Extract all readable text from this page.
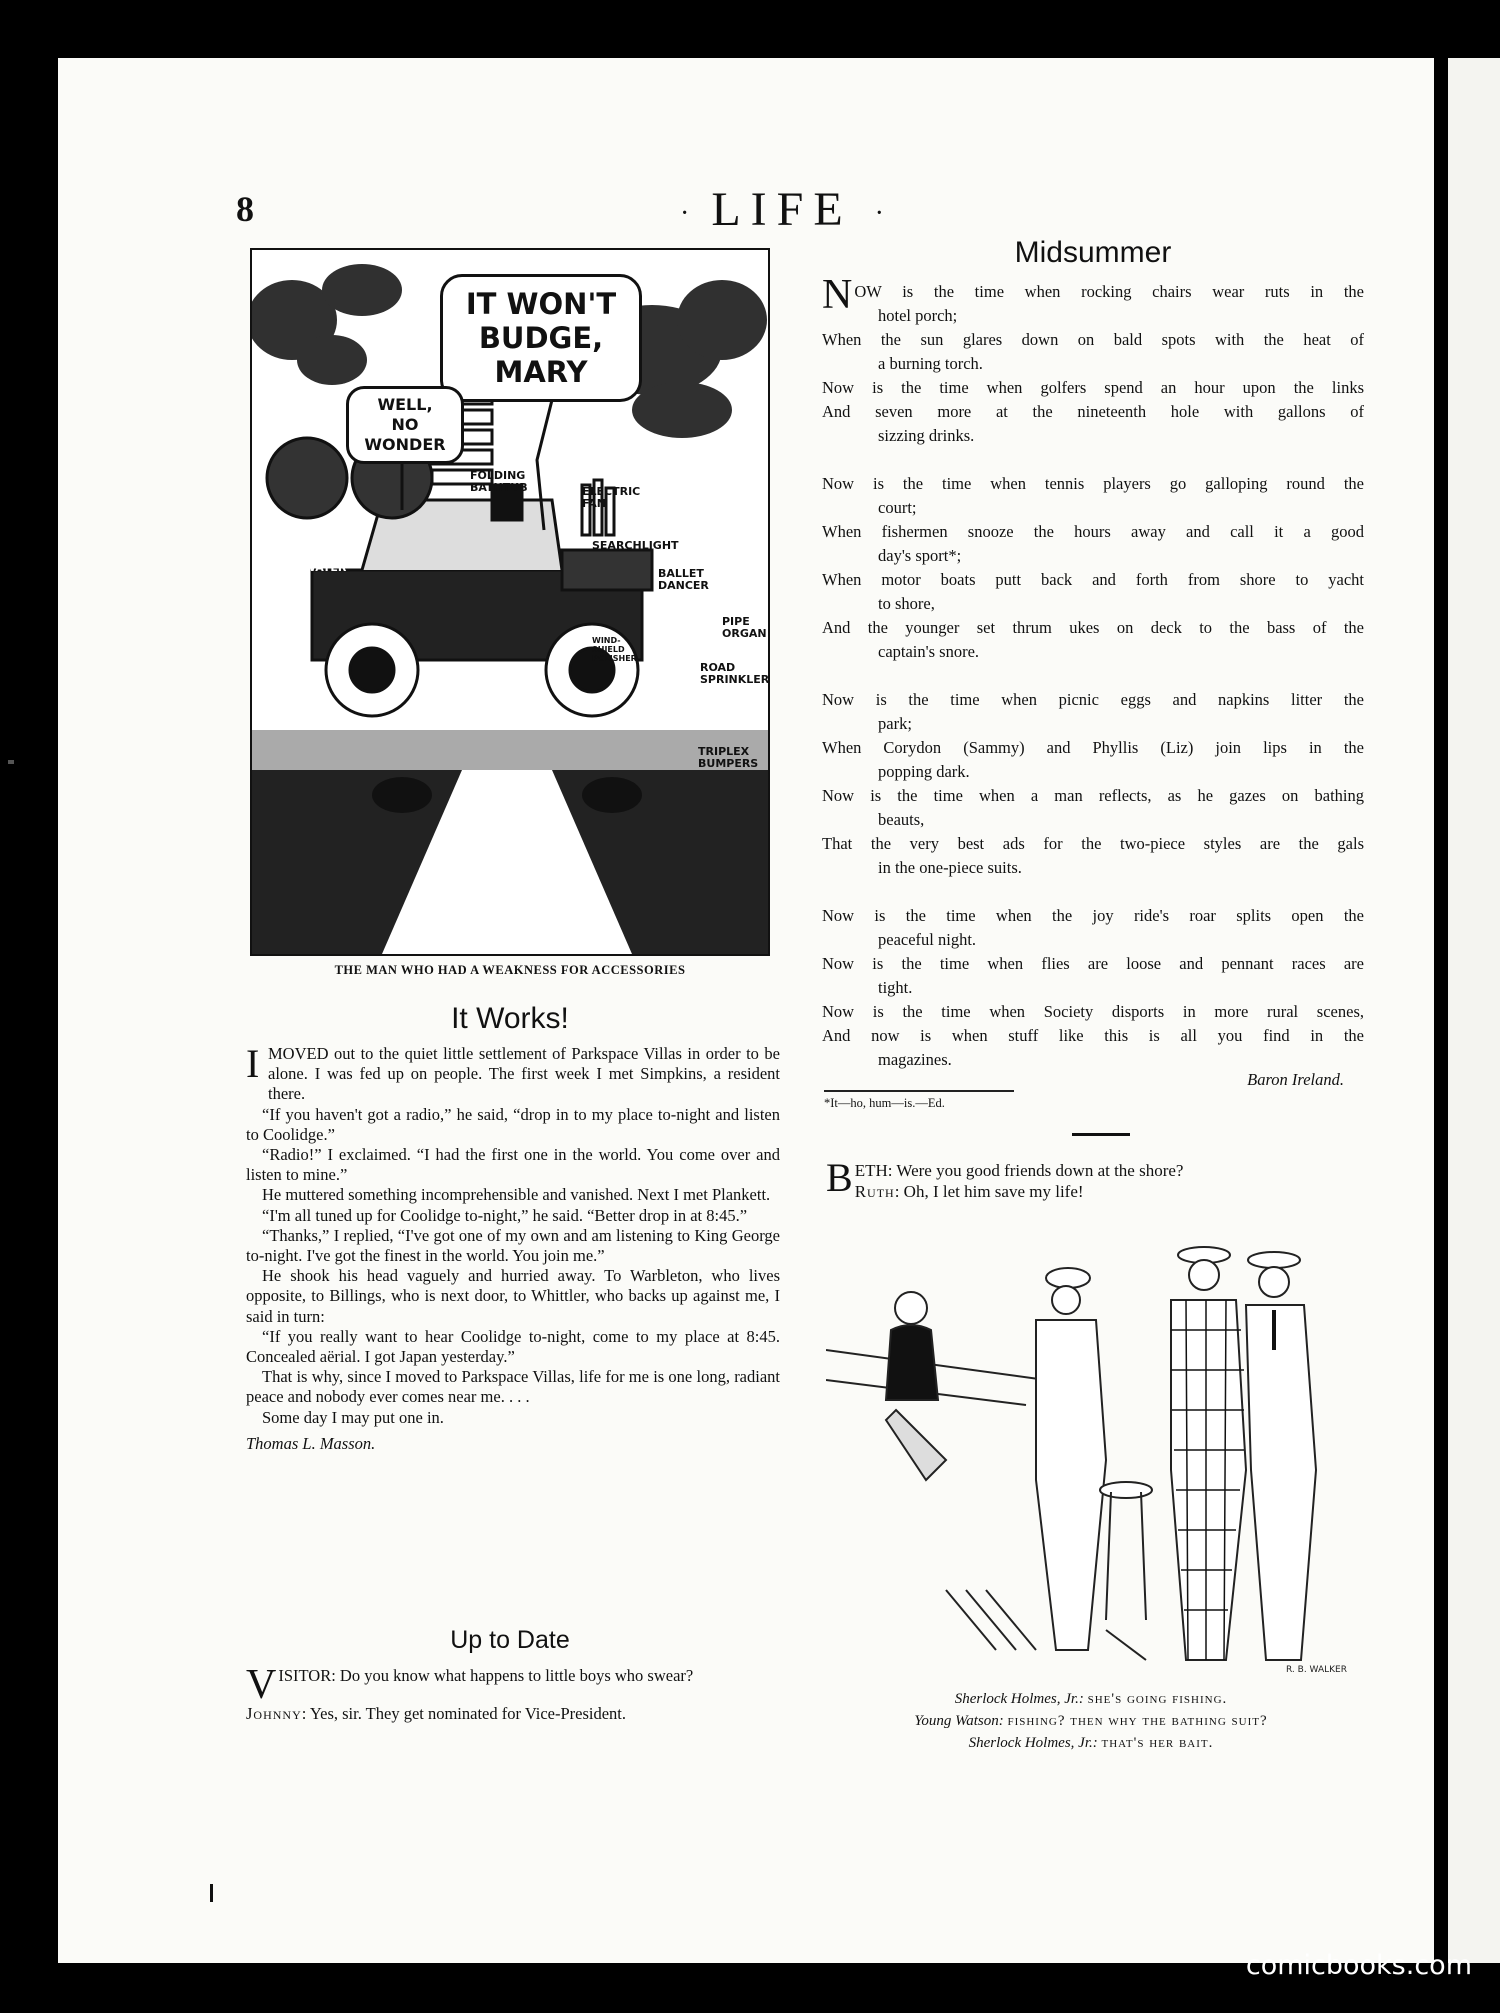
8	· LIFE ·
IT WON'T
BUDGE,
MARY
WELL,
NO
WONDER
FOLDING BATHTUB	ELECTRIC FAN
SEARCHLIGHT
HOT & COLD WATER	BALLET DANCER
PIPE ORGAN
WIND-SHIELD POLISHER
ROAD SPRINKLER
TRIPLEX BUMPERS
THE MAN WHO HAD A WEAKNESS FOR ACCESSORIES
It Works!

I MOVED out to the quiet little settlement of Parkspace Villas in order to be alone. I was fed up on people. The first week I met Simpkins, a resident there.

“If you haven't got a radio,” he said, “drop in to my place to-night and listen to Coolidge.”

“Radio!” I exclaimed. “I had the first one in the world. You come over and listen to mine.”

He muttered something incomprehensible and vanished. Next I met Plankett.

“I'm all tuned up for Coolidge to-night,” he said. “Better drop in at 8:45.”

“Thanks,” I replied, “I've got one of my own and am listening to King George to-night. I've got the finest in the world. You join me.”

He shook his head vaguely and hurried away. To Warbleton, who lives opposite, to Billings, who is next door, to Whittler, who backs up against me, I said in turn:

“If you really want to hear Coolidge to-night, come to my place at 8:45. Concealed aërial. I got Japan yesterday.”

That is why, since I moved to Parkspace Villas, life for me is one long, radiant peace and nobody ever comes near me. . . .

Some day I may put one in.

Thomas L. Masson.

Up to Date

VISITOR: Do you know what happens to little boys who swear?

Johnny: Yes, sir. They get nominated for Vice-President.

Midsummer
NOW is the time when rocking chairs wear ruts in the
hotel porch;
When the sun glares down on bald spots with the heat of
a burning torch.
Now is the time when golfers spend an hour upon the links
And seven more at the nineteenth hole with gallons of
sizzing drinks.
Now is the time when tennis players go galloping round the
court;
When fishermen snooze the hours away and call it a good
day's sport*;
When motor boats putt back and forth from shore to yacht
to shore,
And the younger set thrum ukes on deck to the bass of the
captain's snore.
Now is the time when picnic eggs and napkins litter the
park;
When Corydon (Sammy) and Phyllis (Liz) join lips in the
popping dark.
Now is the time when a man reflects, as he gazes on bathing
beauts,
That the very best ads for the two-piece styles are the gals
in the one-piece suits.
Now is the time when the joy ride's roar splits open the
peaceful night.
Now is the time when flies are loose and pennant races are
tight.
Now is the time when Society disports in more rural scenes,
And now is when stuff like this is all you find in the
magazines.
Baron Ireland.
*It—ho, hum—is.—Ed.

BETH: Were you good friends down at the shore?

Ruth: Oh, I let him save my life!

R. B. WALKER
Sherlock Holmes, Jr.: she's going fishing.
Young Watson: fishing? then why the bathing suit?
Sherlock Holmes, Jr.: that's her bait.
comicbooks.com
